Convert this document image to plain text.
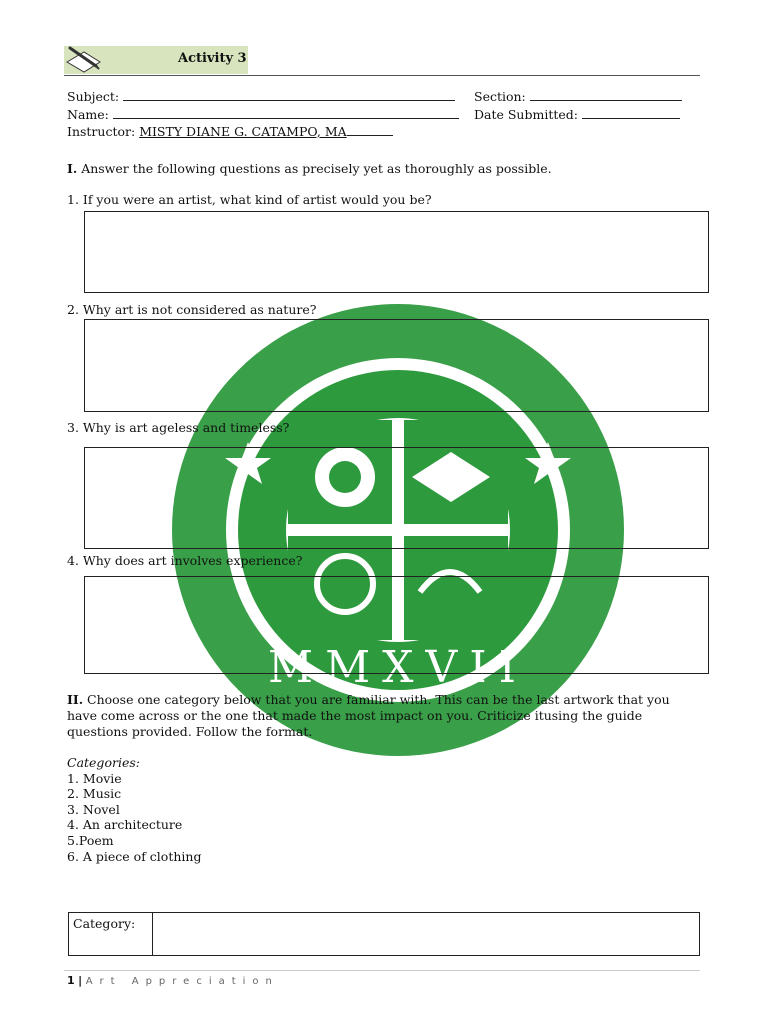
MMXVII
Activity 3
Subject:	Section:
Name:	Date Submitted:
Instructor: MISTY DIANE G. CATAMPO, MA
I. Answer the following questions as precisely yet as thoroughly as possible.
1. If you were an artist, what kind of artist would you be?
2. Why art is not considered as nature?
3. Why is art ageless and timeless?
4. Why does art involves experience?
II. Choose one category below that you are familiar with. This can be the last artwork that you
have come across or the one that made the most impact on you. Criticize itusing the guide
questions provided. Follow the format.
Categories:
1. Movie
2. Music
3. Novel
4. An architecture
5.Poem
6. A piece of clothing
Category:	
1 | Art Appreciation
